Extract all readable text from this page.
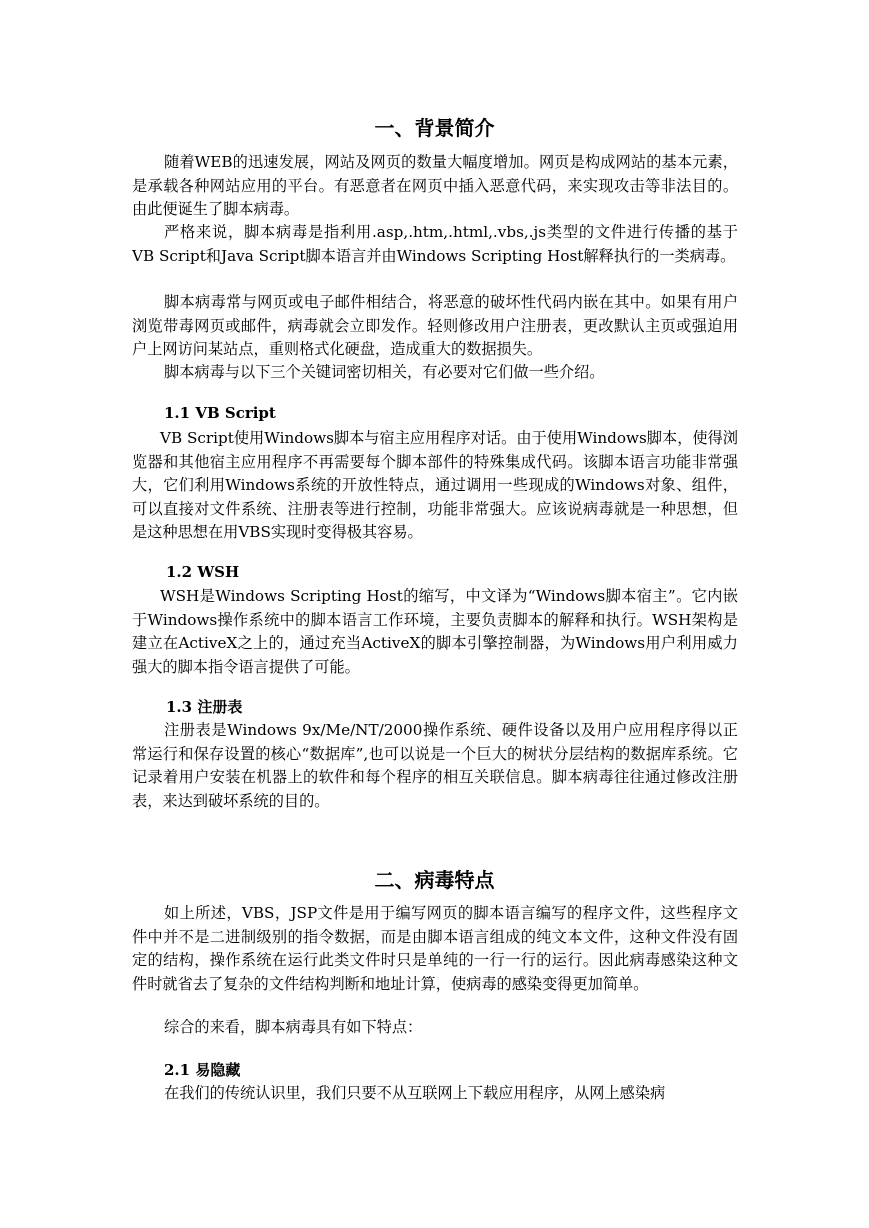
一、背景简介
随着WEB的迅速发展，网站及网页的数量大幅度增加。网页是构成网站的基本元素，是承载各种网站应用的平台。有恶意者在网页中插入恶意代码，来实现攻击等非法目的。由此便诞生了脚本病毒。
严格来说，脚本病毒是指利用.asp,.htm,.html,.vbs,.js类型的文件进行传播的基于VB Script和Java Script脚本语言并由Windows Scripting Host解释执行的一类病毒。
脚本病毒常与网页或电子邮件相结合，将恶意的破坏性代码内嵌在其中。如果有用户浏览带毒网页或邮件，病毒就会立即发作。轻则修改用户注册表，更改默认主页或强迫用户上网访问某站点，重则格式化硬盘，造成重大的数据损失。
脚本病毒与以下三个关键词密切相关，有必要对它们做一些介绍。
1.1 VB Script
VB Script使用Windows脚本与宿主应用程序对话。由于使用Windows脚本，使得浏览器和其他宿主应用程序不再需要每个脚本部件的特殊集成代码。该脚本语言功能非常强大，它们利用Windows系统的开放性特点，通过调用一些现成的Windows对象、组件，可以直接对文件系统、注册表等进行控制，功能非常强大。应该说病毒就是一种思想，但是这种思想在用VBS实现时变得极其容易。
1.2 WSH
WSH是Windows Scripting Host的缩写，中文译为“Windows脚本宿主”。它内嵌于Windows操作系统中的脚本语言工作环境，主要负责脚本的解释和执行。WSH架构是建立在ActiveX之上的，通过充当ActiveX的脚本引擎控制器，为Windows用户利用威力强大的脚本指令语言提供了可能。
1.3 注册表
注册表是Windows 9x/Me/NT/2000操作系统、硬件设备以及用户应用程序得以正常运行和保存设置的核心“数据库”,也可以说是一个巨大的树状分层结构的数据库系统。它记录着用户安装在机器上的软件和每个程序的相互关联信息。脚本病毒往往通过修改注册表，来达到破坏系统的目的。
二、病毒特点
如上所述，VBS，JSP文件是用于编写网页的脚本语言编写的程序文件，这些程序文件中并不是二进制级别的指令数据，而是由脚本语言组成的纯文本文件，这种文件没有固定的结构，操作系统在运行此类文件时只是单纯的一行一行的运行。因此病毒感染这种文件时就省去了复杂的文件结构判断和地址计算，使病毒的感染变得更加简单。
综合的来看，脚本病毒具有如下特点：
2.1 易隐藏
在我们的传统认识里，我们只要不从互联网上下载应用程序，从网上感染病
